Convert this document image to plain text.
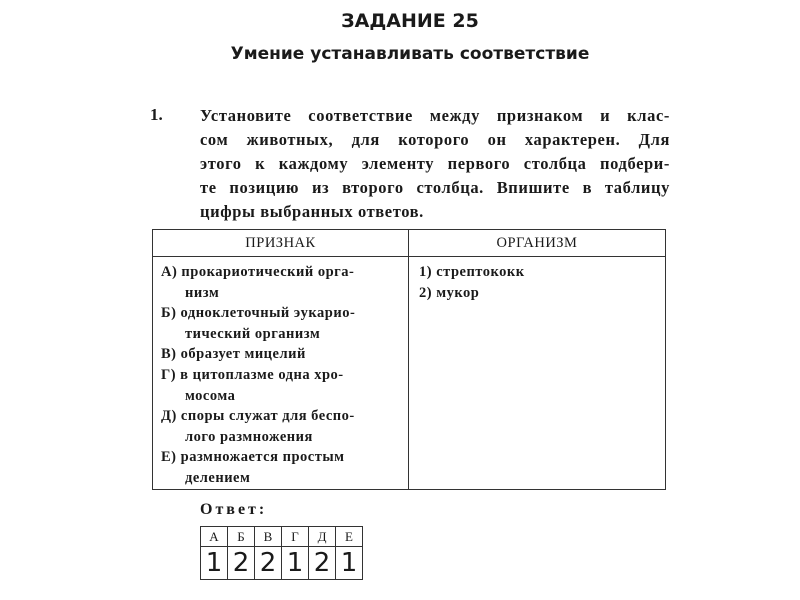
ЗАДАНИЕ 25
Умение устанавливать соответствие
1. Установите соответствие между признаком и клас-
сом животных, для которого он характерен. Для
этого к каждому элементу первого столбца подбери-
те позицию из второго столбца. Впишите в таблицу
цифры выбранных ответов.
ПРИЗНАК	ОРГАНИЗМ
А) прокариотический орга-
низм
Б) одноклеточный эукарио-
тический организм
В) образует мицелий
Г) в цитоплазме одна хро-
мосома
Д) споры служат для беспо-
лого размножения
Е) размножается простым
делением
1) стрептококк
2) мукор
Ответ:
А	Б	В	Г	Д	Е
1	2	2	1	2	1
